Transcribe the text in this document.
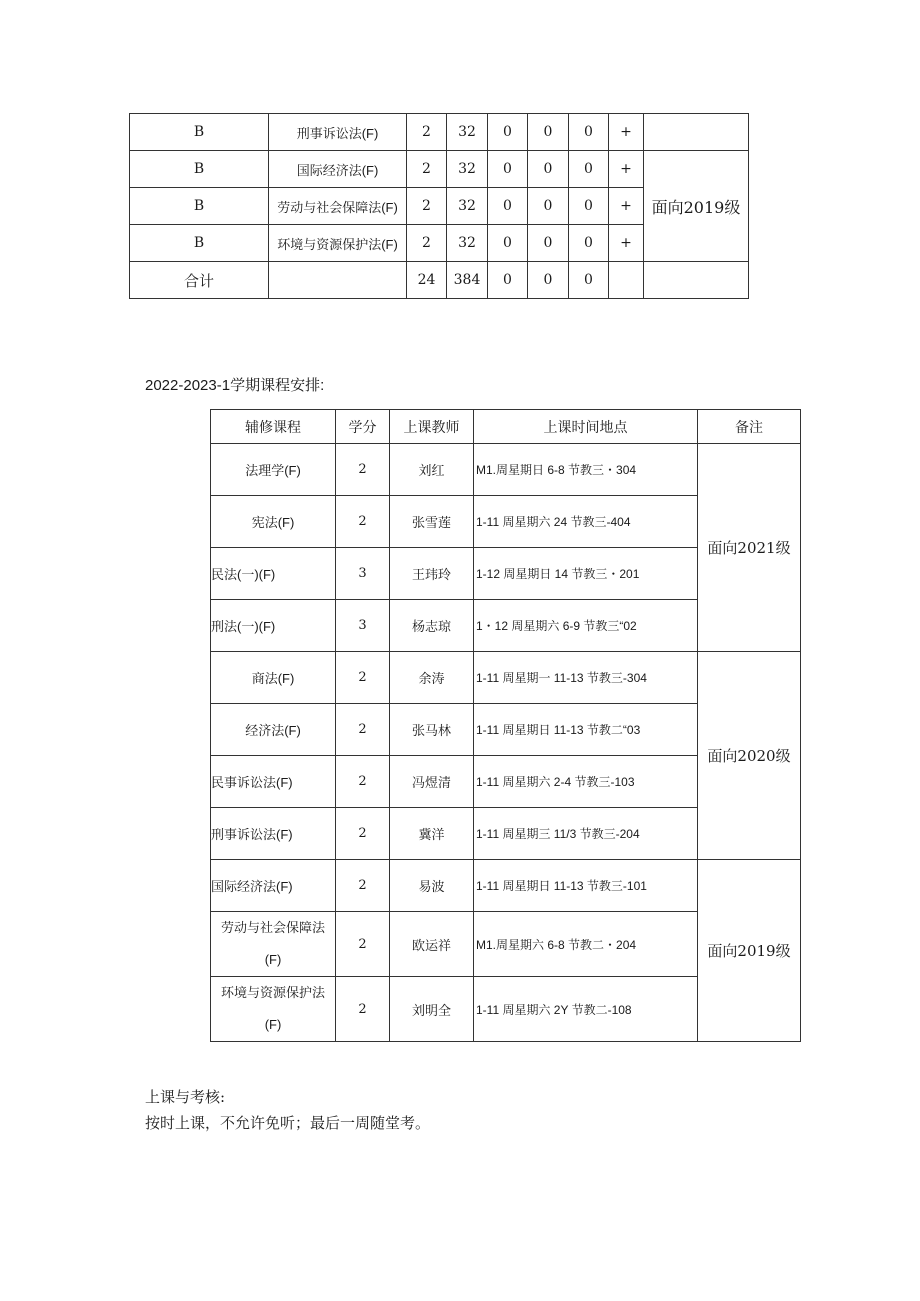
B	刑事诉讼法(F)	2	32	0	0	0	+	
B	国际经济法(F)	2	32	0	0	0	+	面向2019级
B	劳动与社会保障法(F)	2	32	0	0	0	+	
B	环境与资源保护法(F)	2	32	0	0	0	+	
合计		24	384	0	0	0		
2022-2023-1学期课程安排:
辅修课程	学分	上课教师	上课时间地点	备注
法理学(F)	2	刘红	M1.周星期日 6-8 节教三・304	面向2021级
宪法(F)	2	张雪莲	1-11 周星期六 24 节教三-404	
民法(一)(F)	3	王玮玲	1-12 周星期日 14 节教三・201	
刑法(一)(F)	3	杨志琼	1・12 周星期六 6-9 节教三“02	
商法(F)	2	余涛	1-11 周星期一 11-13 节教三-304	面向2020级
经济法(F)	2	张马林	1-11 周星期日 11-13 节教二“03	
民事诉讼法(F)	2	冯煜清	1-11 周星期六 2-4 节教三-103	
刑事诉讼法(F)	2	冀洋	1-11 周星期三 11/3 节教三-204	
国际经济法(F)	2	易波	1-11 周星期日 11-13 节教三-101	面向2019级

劳动与社会保障法
(F)	2	欧运祥	M1.周星期六 6-8 节教二・204	

环境与资源保护法
(F)	2	刘明全	1-11 周星期六 2Y 节教二-108	
上课与考核:
按时上课，不允许免听；最后一周随堂考。
